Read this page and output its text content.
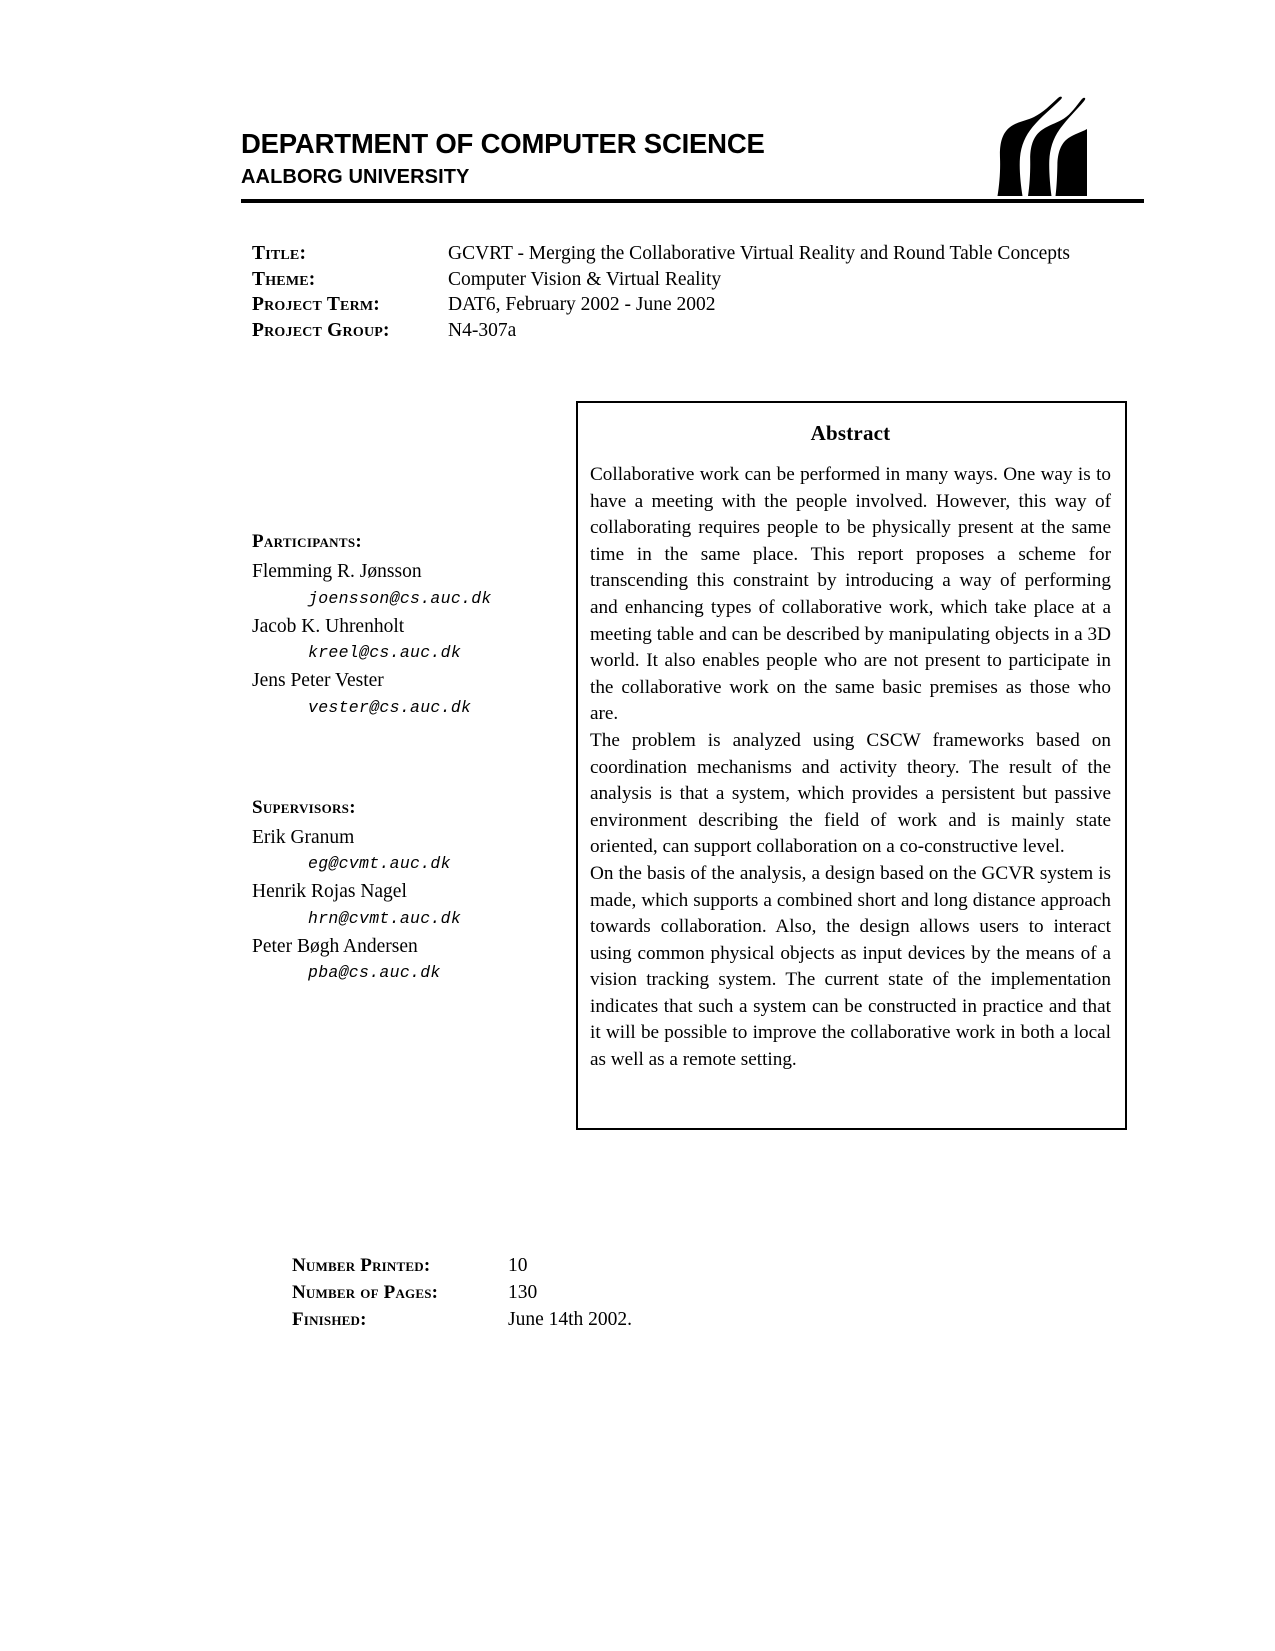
DEPARTMENT OF COMPUTER SCIENCE
AALBORG UNIVERSITY
Title:	GCVRT - Merging the Collaborative Virtual Reality and Round Table Concepts
Theme:	Computer Vision & Virtual Reality
Project Term:	DAT6, February 2002 - June 2002
Project Group:	N4-307a
Participants:
Flemming R. Jønsson
joensson@cs.auc.dk
Jacob K. Uhrenholt
kreel@cs.auc.dk
Jens Peter Vester
vester@cs.auc.dk
Supervisors:
Erik Granum
eg@cvmt.auc.dk
Henrik Rojas Nagel
hrn@cvmt.auc.dk
Peter Bøgh Andersen
pba@cs.auc.dk
Abstract

Collaborative work can be performed in many ways. One way is to have a meeting with the people involved. However, this way of collaborating requires people to be physically present at the same time in the same place. This report proposes a scheme for transcending this constraint by introducing a way of performing and enhancing types of collaborative work, which take place at a meeting table and can be described by manipulating objects in a 3D world. It also enables people who are not present to participate in the collaborative work on the same basic premises as those who are.

The problem is analyzed using CSCW frameworks based on coordination mechanisms and activity theory. The result of the analysis is that a system, which provides a persistent but passive environment describing the field of work and is mainly state oriented, can support collaboration on a co-constructive level.

On the basis of the analysis, a design based on the GCVR system is made, which supports a combined short and long distance approach towards collaboration. Also, the design allows users to interact using common physical objects as input devices by the means of a vision tracking system. The current state of the implementation indicates that such a system can be constructed in practice and that it will be possible to improve the collaborative work in both a local as well as a remote setting.

Number Printed:	10
Number of Pages:	130
Finished:	June 14th 2002.
